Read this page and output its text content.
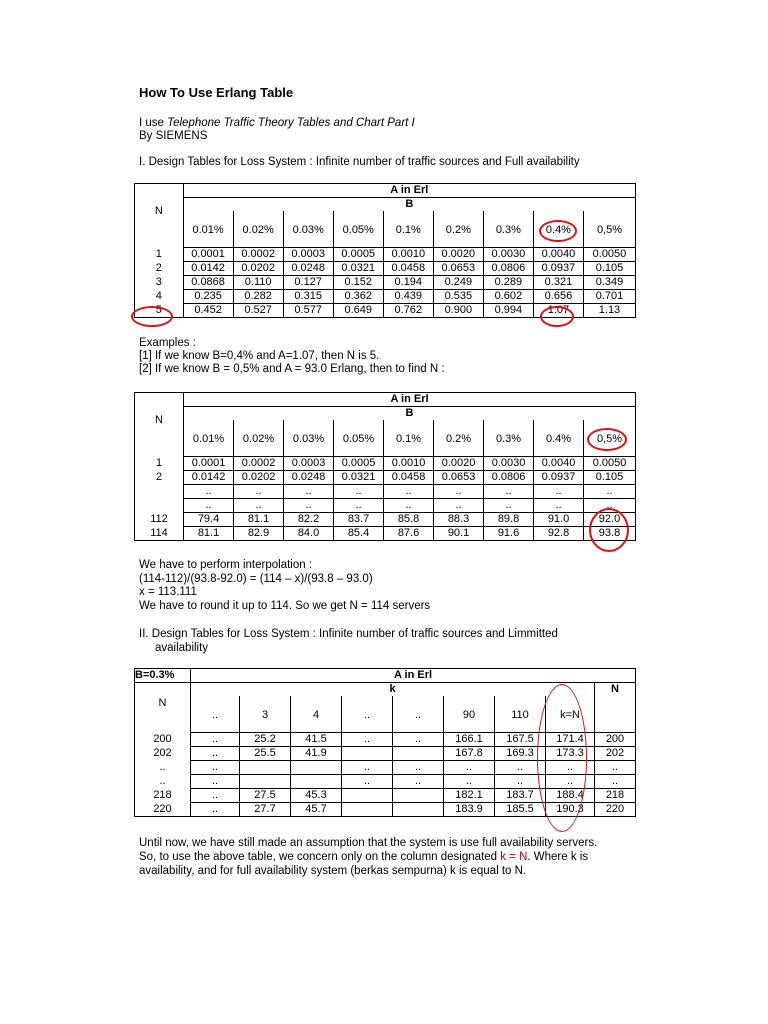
How To Use Erlang Table
I use Telephone Traffic Theory Tables and Chart Part I
By SIEMENS
I. Design Tables for Loss System : Infinite number of traffic sources and Full availability
N	A in Erl								
	B								

	0.01%	0.02%	0.03%	0.05%	0.1%	0.2%	0.3%	0.4%	0,5%

1	0.0001	0.0002	0.0003	0.0005	0.0010	0.0020	0.0030	0.0040	0.0050
2	0.0142	0.0202	0.0248	0.0321	0.0458	0.0653	0.0806	0.0937	0.105
3	0.0868	0.110	0.127	0.152	0.194	0.249	0.289	0.321	0.349
4	0.235	0.282	0.315	0.362	0.439	0.535	0.602	0.656	0.701
5	0.452	0.527	0.577	0.649	0.762	0.900	0.994	1.07	1.13
Examples :
[1] If we know B=0,4% and A=1.07, then N is 5.
[2] If we know B = 0,5% and A = 93.0 Erlang, then to find N :
N	A in Erl								
	B								

	0.01%	0.02%	0.03%	0.05%	0.1%	0.2%	0.3%	0.4%	0,5%

1	0.0001	0.0002	0.0003	0.0005	0.0010	0.0020	0.0030	0.0040	0.0050
2	0.0142	0.0202	0.0248	0.0321	0.0458	0.0653	0.0806	0.0937	0.105
	..	..	..	..	..	..	..	..	..
	..	..	..	..	..	..	..	..	..
112	79.4	81.1	82.2	83.7	85.8	88.3	89.8	91.0	92.0
114	81.1	82.9	84.0	85.4	87.6	90.1	91.6	92.8	93.8
We have to perform interpolation :
(114-112)/(93.8-92.0) = (114 – x)/(93.8 – 93.0)
x = 113.111
We have to round it up to 114. So we get N = 114 servers
II. Design Tables for Loss System : Infinite number of traffic sources and Limmitted
availability
B=0.3%	A in Erl								
N	k								N

	..	3	4	..	..	90	110	k=N	

200	..	25.2	41.5	..	..	166.1	167.5	171.4	200
202	..	25.5	41.9			167.8	169.3	173.3	202
..	..			..	..	..	..	..	..
..	..			..	..	..	..	..	..
218	..	27.5	45.3			182.1	183.7	188.4	218
220	..	27.7	45.7			183.9	185.5	190.3	220
Until now, we have still made an assumption that the system is use full availability servers.
So, to use the above table, we concern only on the column designated k = N. Where k is
availability, and for full availability system (berkas sempurna) k is equal to N.
